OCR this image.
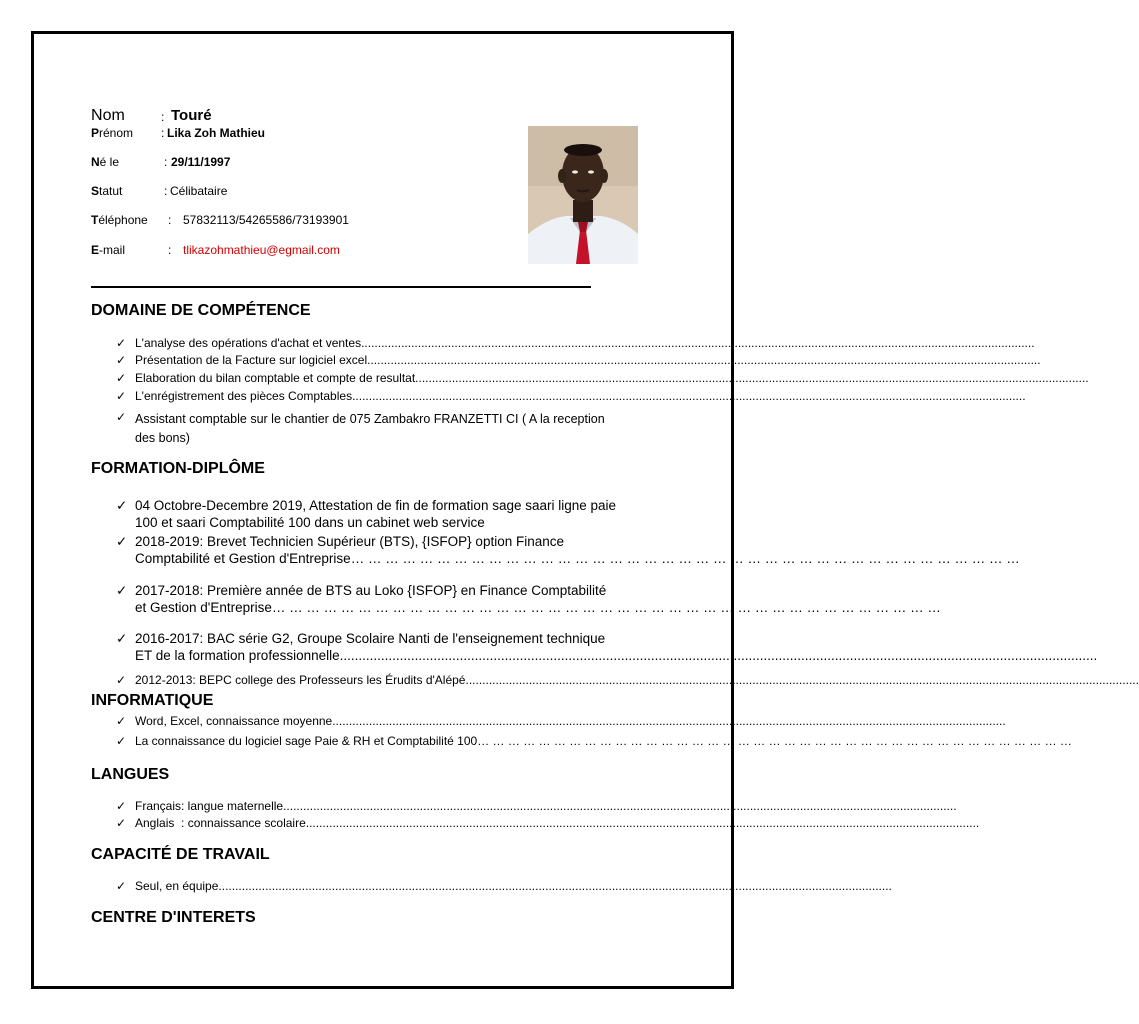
Nom	: Touré
Prénom : Lika Zoh Mathieu
Né le	: 29/11/1997
Statut	: Célibataire
Téléphone : 57832113/54265586/73193901
E-mail	: tlikazohmathieu@egmail.com
DOMAINE DE COMPÉTENCE
✓ L'analyse des opérations d'achat et ventes ..........................................................................................................................................................................................................
✓ Présentation de la Facture sur logiciel excel ..........................................................................................................................................................................................................
✓ Elaboration du bilan comptable et compte de resultat ..........................................................................................................................................................................................................
✓ L'enrégistrement des pièces Comptables ..........................................................................................................................................................................................................
✓ Assistant comptable sur le chantier de 075 Zambakro FRANZETTI CI ( A la reception
des bons)
FORMATION-DIPLÔME
✓ 04 Octobre-Decembre 2019, Attestation de fin de formation sage saari ligne paie
100 et saari Comptabilité 100 dans un cabinet web service
✓ 2018-2019: Brevet Technicien Supérieur (BTS), {ISFOP} option Finance
Comptabilité et Gestion d'Entreprise … … … … … … … … … … … … … … … … … … … … … … … … … … … … … … … … … … … … … … …
✓ 2017-2018: Première année de BTS au Loko {ISFOP} en Finance Comptabilité
et Gestion d'Entreprise … … … … … … … … … … … … … … … … … … … … … … … … … … … … … … … … … … … … … … …
✓ 2016-2017: BAC série G2, Groupe Scolaire Nanti de l'enseignement technique
ET de la formation professionnelle ..........................................................................................................................................................................................................
✓ 2012-2013: BEPC college des Professeurs les Érudits d'Alépé ..........................................................................................................................................................................................................
INFORMATIQUE
✓ Word, Excel, connaissance moyenne ..........................................................................................................................................................................................................
✓ La connaissance du logiciel sage Paie & RH et Comptabilité 100 … … … … … … … … … … … … … … … … … … … … … … … … … … … … … … … … … … … … … … …
LANGUES
✓ Français: langue maternelle ..........................................................................................................................................................................................................
✓ Anglais  : connaissance scolaire ..........................................................................................................................................................................................................
CAPACITÉ DE TRAVAIL
✓ Seul, en équipe ..........................................................................................................................................................................................................
CENTRE D'INTERETS
